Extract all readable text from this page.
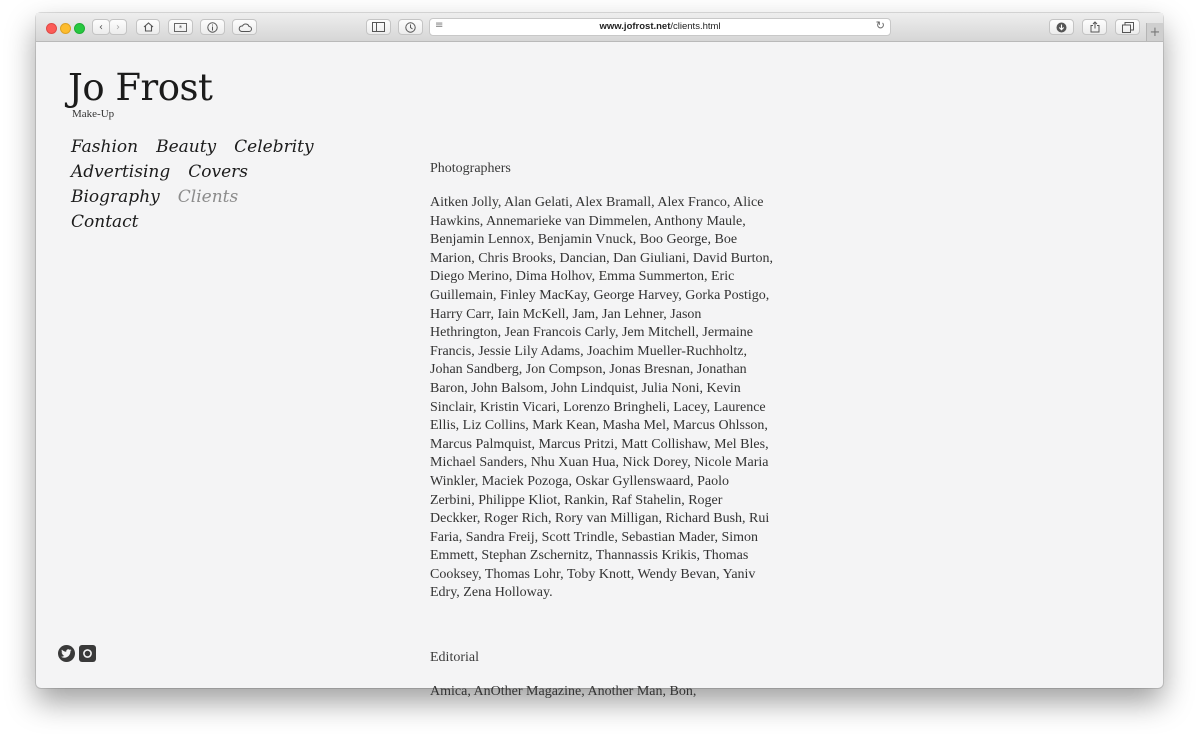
‹ ›	*	≡	www.jofrost.net/clients.html	↻	+
Jo Frost
Make-Up
Fashion Beauty Celebrity
Advertising Covers
Biography Clients
Contact
Photographers
Aitken Jolly, Alan Gelati, Alex Bramall, Alex Franco, Alice Hawkins, Annemarieke van Dimmelen, Anthony Maule, Benjamin Lennox, Benjamin Vnuck, Boo George, Boe Marion, Chris Brooks, Dancian, Dan Giuliani, David Burton, Diego Merino, Dima Holhov, Emma Summerton, Eric Guillemain, Finley MacKay, George Harvey, Gorka Postigo, Harry Carr, Iain McKell, Jam, Jan Lehner, Jason Hethrington, Jean Francois Carly, Jem Mitchell, Jermaine Francis, Jessie Lily Adams, Joachim Mueller-Ruchholtz, Johan Sandberg, Jon Compson, Jonas Bresnan, Jonathan Baron, John Balsom, John Lindquist, Julia Noni, Kevin Sinclair, Kristin Vicari, Lorenzo Bringheli, Lacey, Laurence Ellis, Liz Collins, Mark Kean, Masha Mel, Marcus Ohlsson, Marcus Palmquist, Marcus Pritzi, Matt Collishaw, Mel Bles, Michael Sanders, Nhu Xuan Hua, Nick Dorey, Nicole Maria Winkler, Maciek Pozoga, Oskar Gyllenswaard, Paolo Zerbini, Philippe Kliot, Rankin, Raf Stahelin, Roger Deckker, Roger Rich, Rory van Milligan, Richard Bush, Rui Faria, Sandra Freij, Scott Trindle, Sebastian Mader, Simon Emmett, Stephan Zschernitz, Thannassis Krikis, Thomas Cooksey, Thomas Lohr, Toby Knott, Wendy Bevan, Yaniv Edry, Zena Holloway.
Editorial
Amica, AnOther Magazine, Another Man, Bon,
